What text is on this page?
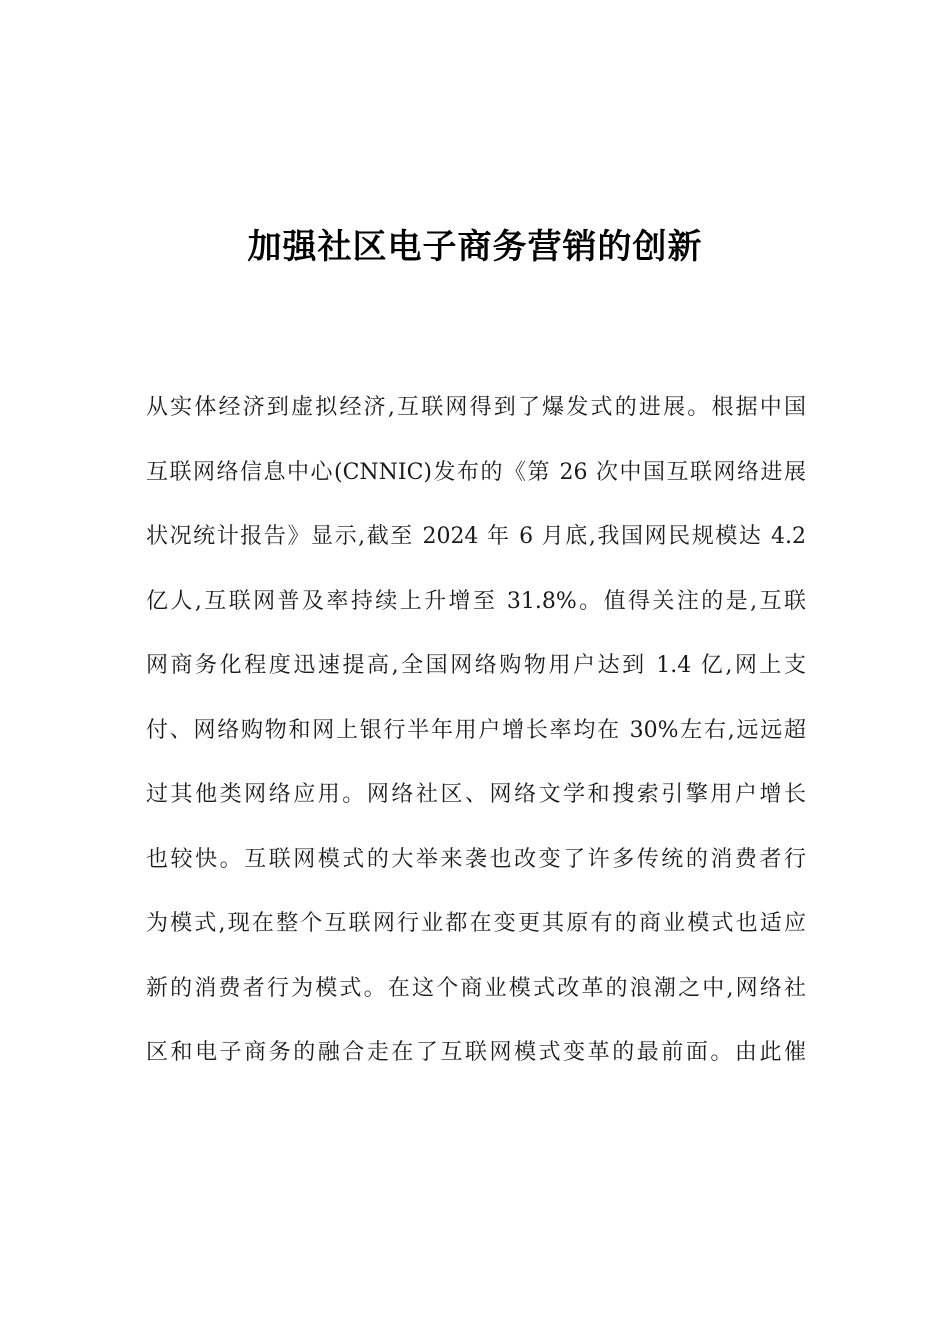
加强社区电子商务营销的创新
从实体经济到虚拟经济,互联网得到了爆发式的进展。根据中国
互联网络信息中心(CNNIC)发布的《第 26 次中国互联网络进展
状况统计报告》显示,截至 2024 年 6 月底,我国网民规模达 4.2
亿人,互联网普及率持续上升增至 31.8%。值得关注的是,互联
网商务化程度迅速提高,全国网络购物用户达到 1.4 亿,网上支
付、网络购物和网上银行半年用户增长率均在 30%左右,远远超
过其他类网络应用。网络社区、网络文学和搜索引擎用户增长
也较快。互联网模式的大举来袭也改变了许多传统的消费者行
为模式,现在整个互联网行业都在变更其原有的商业模式也适应
新的消费者行为模式。在这个商业模式改革的浪潮之中,网络社
区和电子商务的融合走在了互联网模式变革的最前面。由此催
